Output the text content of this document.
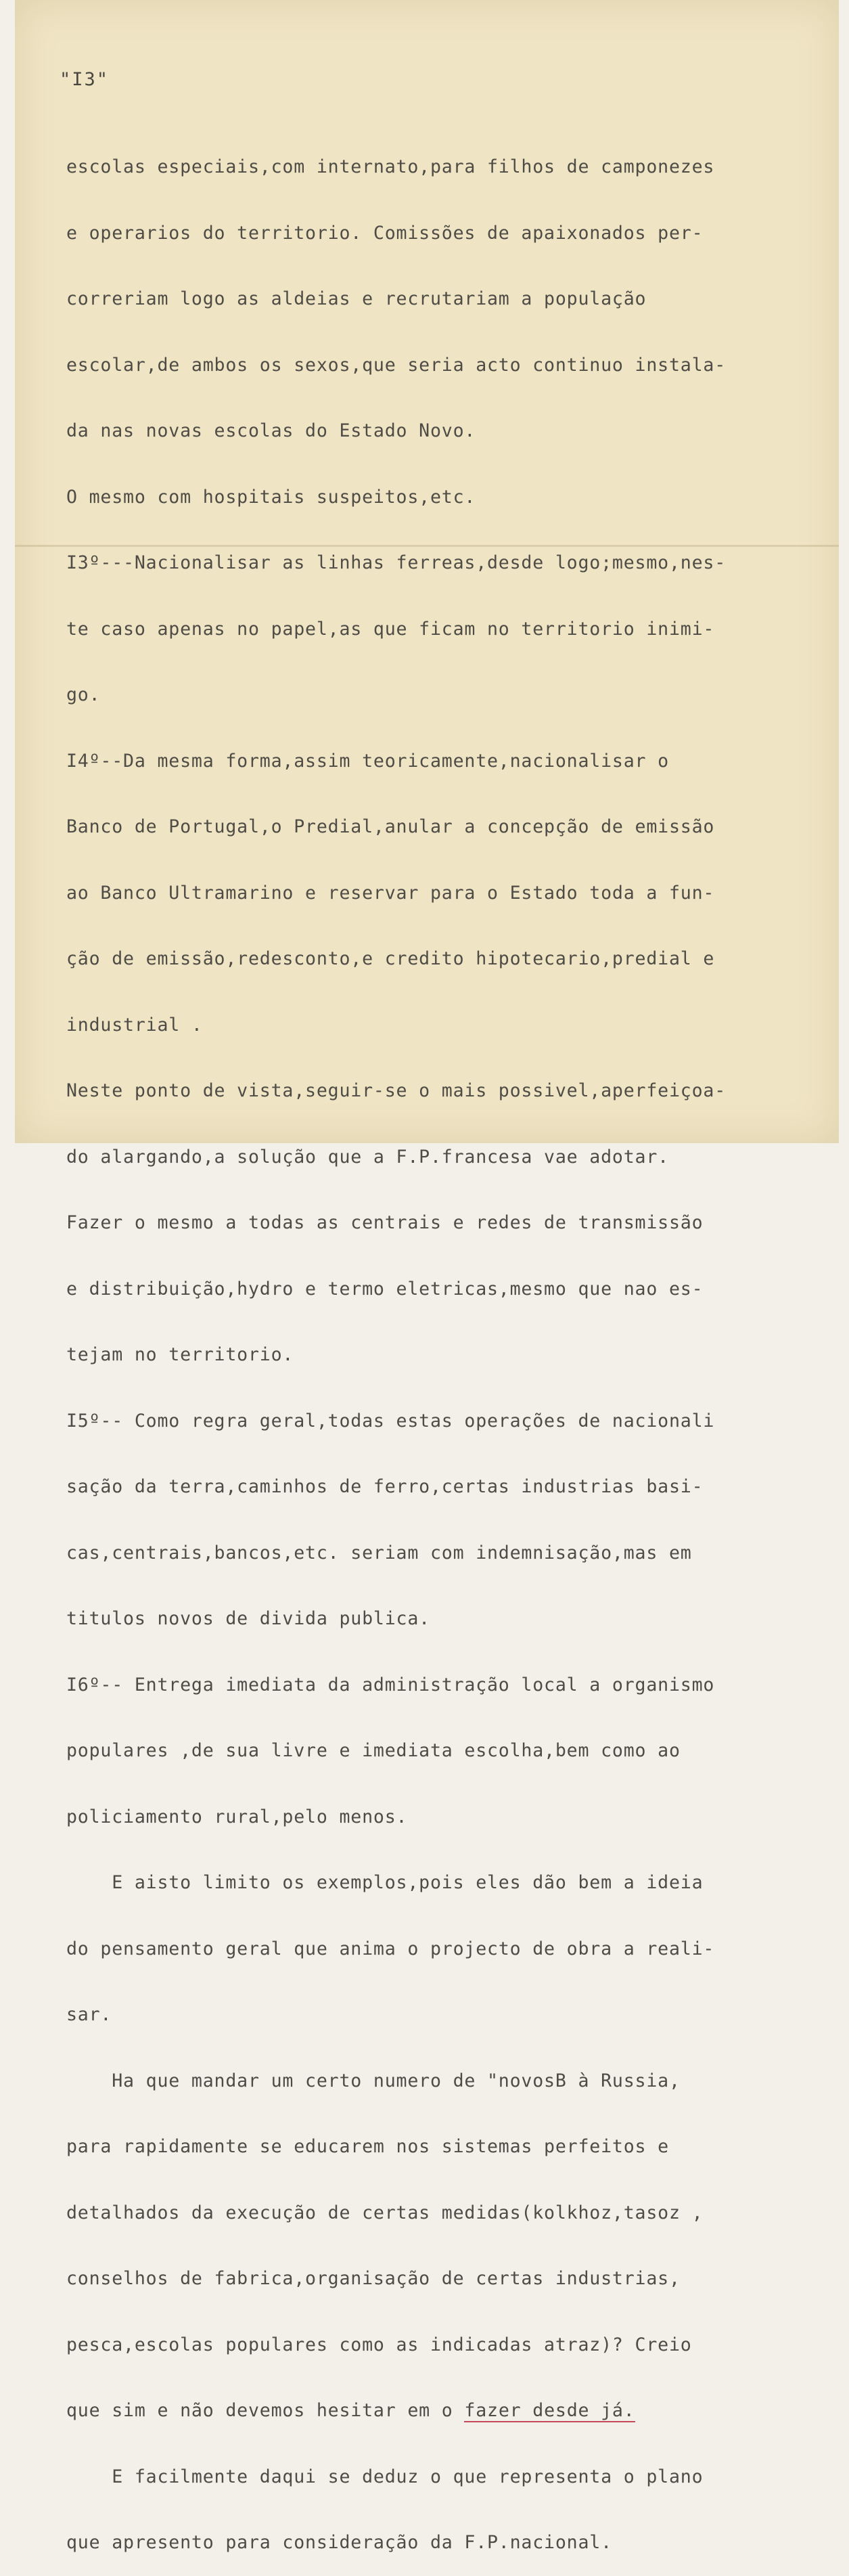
"I3"

escolas especiais,com internato,para filhos de camponezes

e operarios do territorio. Comissões de apaixonados per-

correriam logo as aldeias e recrutariam a população

escolar,de ambos os sexos,que seria acto continuo instala-

da nas novas escolas do Estado Novo.

O mesmo com hospitais suspeitos,etc.

I3º---Nacionalisar as linhas ferreas,desde logo;mesmo,nes-

te caso apenas no papel,as que ficam no territorio inimi-

go.

I4º--Da mesma forma,assim teoricamente,nacionalisar o

Banco de Portugal,o Predial,anular a concepção de emissão

ao Banco Ultramarino e reservar para o Estado toda a fun-

ção de emissão,redesconto,e credito hipotecario,predial e

industrial .

Neste ponto de vista,seguir-se o mais possivel,aperfeiçoa-

do alargando,a solução que a F.P.francesa vae adotar.

Fazer o mesmo a todas as centrais e redes de transmissão

e distribuição,hydro e termo eletricas,mesmo que nao es-

tejam no territorio.

I5º-- Como regra geral,todas estas operações de nacionali

sação da terra,caminhos de ferro,certas industrias basi-

cas,centrais,bancos,etc. seriam com indemnisação,mas em

titulos novos de divida publica.

I6º-- Entrega imediata da administração local a organismo

populares ,de sua livre e imediata escolha,bem como ao

policiamento rural,pelo menos.

E aisto limito os exemplos,pois eles dão bem a ideia

do pensamento geral que anima o projecto de obra a reali-

sar.

Ha que mandar um certo numero de "novosB à Russia,

para rapidamente se educarem nos sistemas perfeitos e

detalhados da execução de certas medidas(kolkhoz,tasoz ,

conselhos de fabrica,organisação de certas industrias,

pesca,escolas populares como as indicadas atraz)? Creio

que sim e não devemos hesitar em o fazer desde já.

E facilmente daqui se deduz o que representa o plano

que apresento para consideração da F.P.nacional.
